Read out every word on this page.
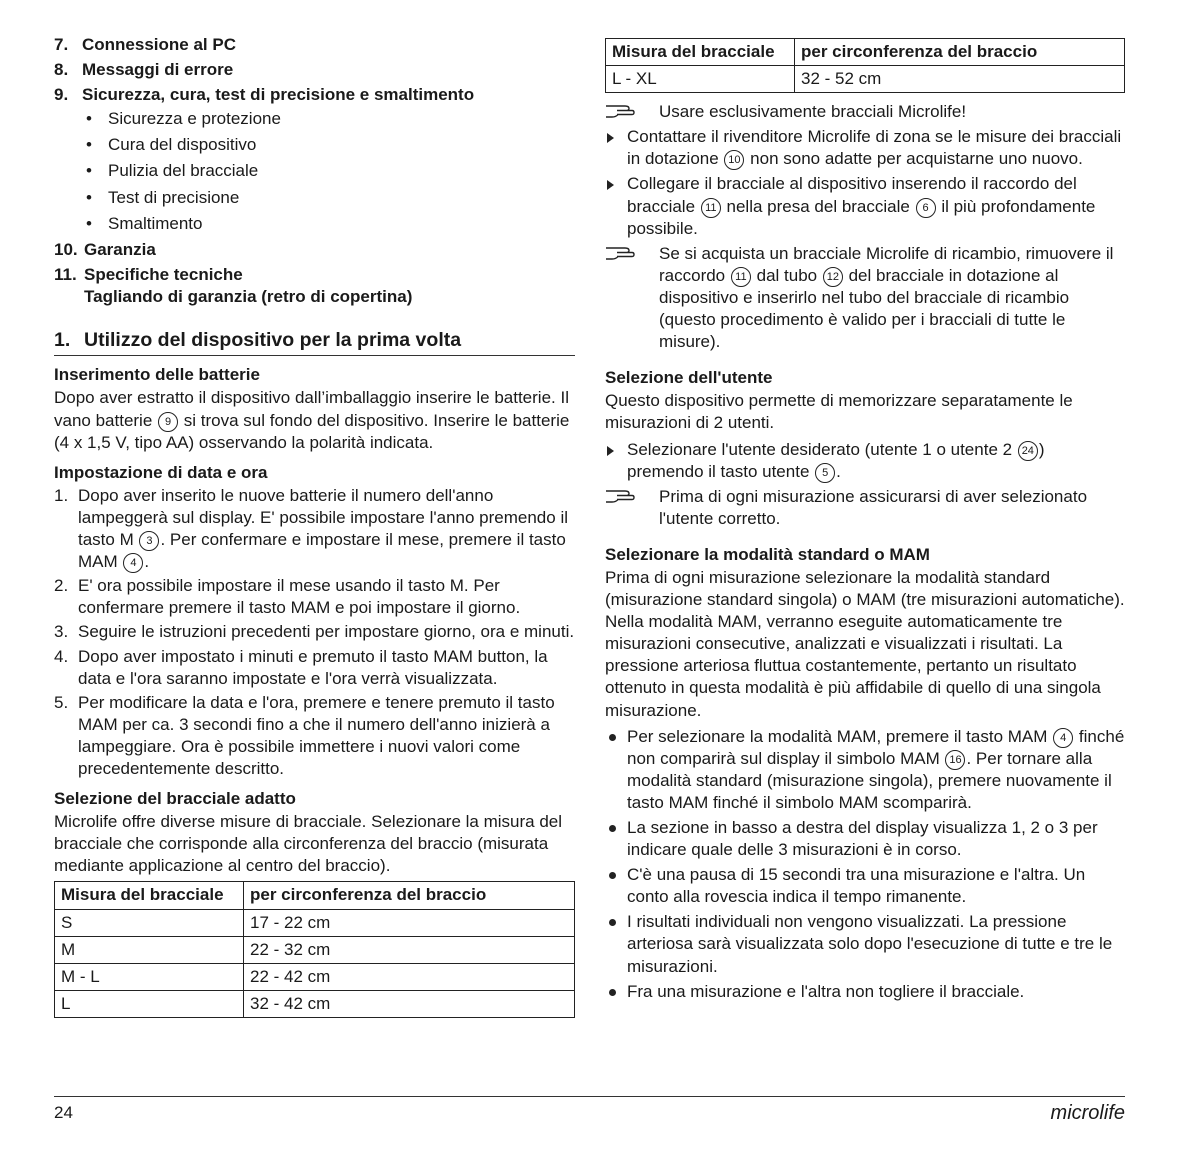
7. Connessione al PC
8. Messaggi di errore
9. Sicurezza, cura, test di precisione e smaltimento
• Sicurezza e protezione
• Cura del dispositivo
• Pulizia del bracciale
• Test di precisione
• Smaltimento
10. Garanzia
11. Specifiche tecniche
Tagliando di garanzia (retro di copertina)
1. Utilizzo del dispositivo per la prima volta
Inserimento delle batterie

Dopo aver estratto il dispositivo dall’imballaggio inserire le batterie. Il vano batterie 9 si trova sul fondo del dispositivo. Inserire le batterie (4 x 1,5 V, tipo AA) osservando la polarità indicata.

Impostazione di data e ora
1. Dopo aver inserito le nuove batterie il numero dell'anno lampeggerà sul display. E' possibile impostare l'anno premendo il tasto M 3 . Per confermare e impostare il mese, premere il tasto MAM 4 .
2. E' ora possibile impostare il mese usando il tasto M. Per confermare premere il tasto MAM e poi impostare il giorno.
3. Seguire le istruzioni precedenti per impostare giorno, ora e minuti.
4. Dopo aver impostato i minuti e premuto il tasto MAM button, la data e l'ora saranno impostate e l'ora verrà visualizzata.
5. Per modificare la data e l'ora, premere e tenere premuto il tasto MAM per ca. 3 secondi fino a che il numero dell'anno inizierà a lampeggiare. Ora è possibile immettere i nuovi valori come precedentemente descritto.
Selezione del bracciale adatto

Microlife offre diverse misure di bracciale. Selezionare la misura del bracciale che corrisponde alla circonferenza del braccio (misurata mediante applicazione al centro del braccio).

Misura del bracciale	per circonferenza del braccio
S	17 - 22 cm
M	22 - 32 cm
M - L	22 - 42 cm
L	32 - 42 cm
Misura del bracciale	per circonferenza del braccio
L - XL	32 - 52 cm
Usare esclusivamente bracciali Microlife!
Contattare il rivenditore Microlife di zona se le misure dei bracciali in dotazione 10 non sono adatte per acquistarne uno nuovo.
Collegare il bracciale al dispositivo inserendo il raccordo del bracciale 11 nella presa del bracciale 6 il più profondamente possibile.
Se si acquista un bracciale Microlife di ricambio, rimuovere il raccordo 11 dal tubo 12 del bracciale in dotazione al dispositivo e inserirlo nel tubo del bracciale di ricambio (questo procedimento è valido per i bracciali di tutte le misure).
Selezione dell'utente

Questo dispositivo permette di memorizzare separatamente le misurazioni di 2 utenti.

Selezionare l'utente desiderato (utente 1 o utente 2 24 ) premendo il tasto utente 5 .
Prima di ogni misurazione assicurarsi di aver selezionato l'utente corretto.
Selezionare la modalità standard o MAM

Prima di ogni misurazione selezionare la modalità standard (misurazione standard singola) o MAM (tre misurazioni automatiche). Nella modalità MAM, verranno eseguite automaticamente tre misurazioni consecutive, analizzati e visualizzati i risultati. La pressione arteriosa fluttua costantemente, pertanto un risultato ottenuto in questa modalità è più affidabile di quello di una singola misurazione.

Per selezionare la modalità MAM, premere il tasto MAM 4 finché non comparirà sul display il simbolo MAM 16 . Per tornare alla modalità standard (misurazione singola), premere nuovamente il tasto MAM finché il simbolo MAM scomparirà.
La sezione in basso a destra del display visualizza 1, 2 o 3 per indicare quale delle 3 misurazioni è in corso.
C'è una pausa di 15 secondi tra una misurazione e l'altra. Un conto alla rovescia indica il tempo rimanente.
I risultati individuali non vengono visualizzati. La pressione arteriosa sarà visualizzata solo dopo l'esecuzione di tutte e tre le misurazioni.
Fra una misurazione e l'altra non togliere il bracciale.
24	microlife
